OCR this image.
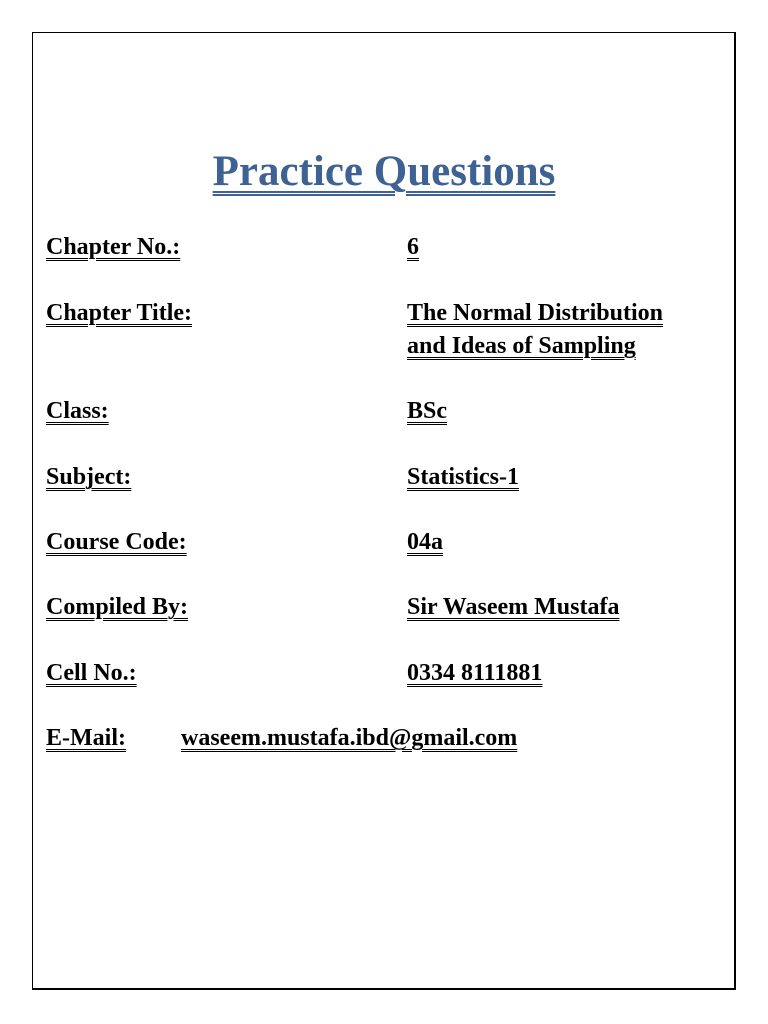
Practice Questions

Chapter No.:	6

Chapter Title:	The Normal Distribution

and Ideas of Sampling

Class:	BSc

Subject:	Statistics-1

Course Code:	04a

Compiled By:	Sir Waseem Mustafa

Cell No.:	0334 8111881

E-Mail: waseem.mustafa.ibd@gmail.com
